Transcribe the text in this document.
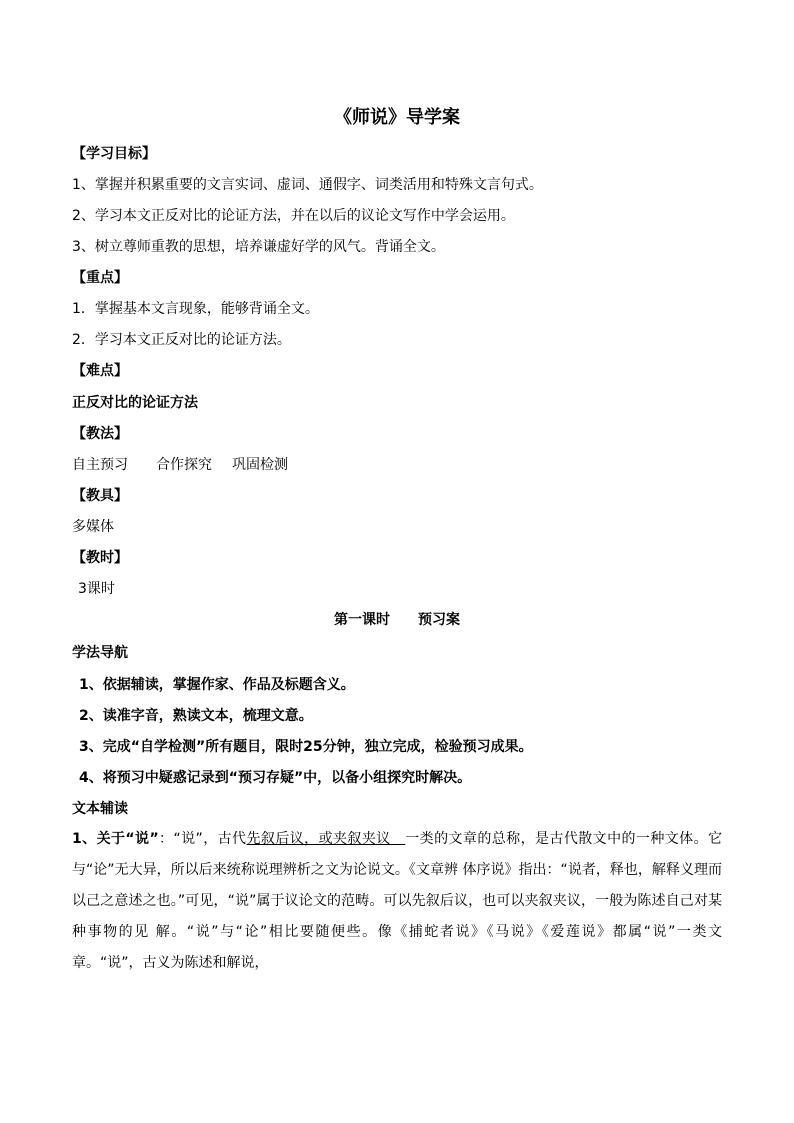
《师说》导学案
【学习目标】
1、掌握并积累重要的文言实词、虚词、通假字、词类活用和特殊文言句式。
2、学习本文正反对比的论证方法，并在以后的议论文写作中学会运用。
3、树立尊师重教的思想，培养谦虚好学的风气。背诵全文。
【重点】
1．掌握基本文言现象，能够背诵全文。
2．学习本文正反对比的论证方法。
【难点】
正反对比的论证方法
【教法】
自主预习 合作探究 巩固检测
【教具】
多媒体
【教时】
3课时
第一课时 预习案
学法导航
1、依据辅读，掌握作家、作品及标题含义。
2、读准字音，熟读文本，梳理文意。
3、完成“自学检测”所有题目，限时25分钟，独立完成，检验预习成果。
4、将预习中疑惑记录到“预习存疑”中，以备小组探究时解决。
文本辅读
1、关于“说”：“说”，古代先叙后议，或夹叙夹议 一类的文章的总称，是古代散文中的一种文体。它与“论”无大异，所以后来统称说理辨析之文为论说文。《文章辨 体序说》指出：“说者，释也，解释义理而以己之意述之也。”可见，“说”属于议论文的范畴。可以先叙后议，也可以夹叙夹议，一般为陈述自己对某种事物的见 解。“说”与“论”相比要随便些。像《捕蛇者说》《马说》《爱莲说》都属“说”一类文章。“说”，古义为陈述和解说，
